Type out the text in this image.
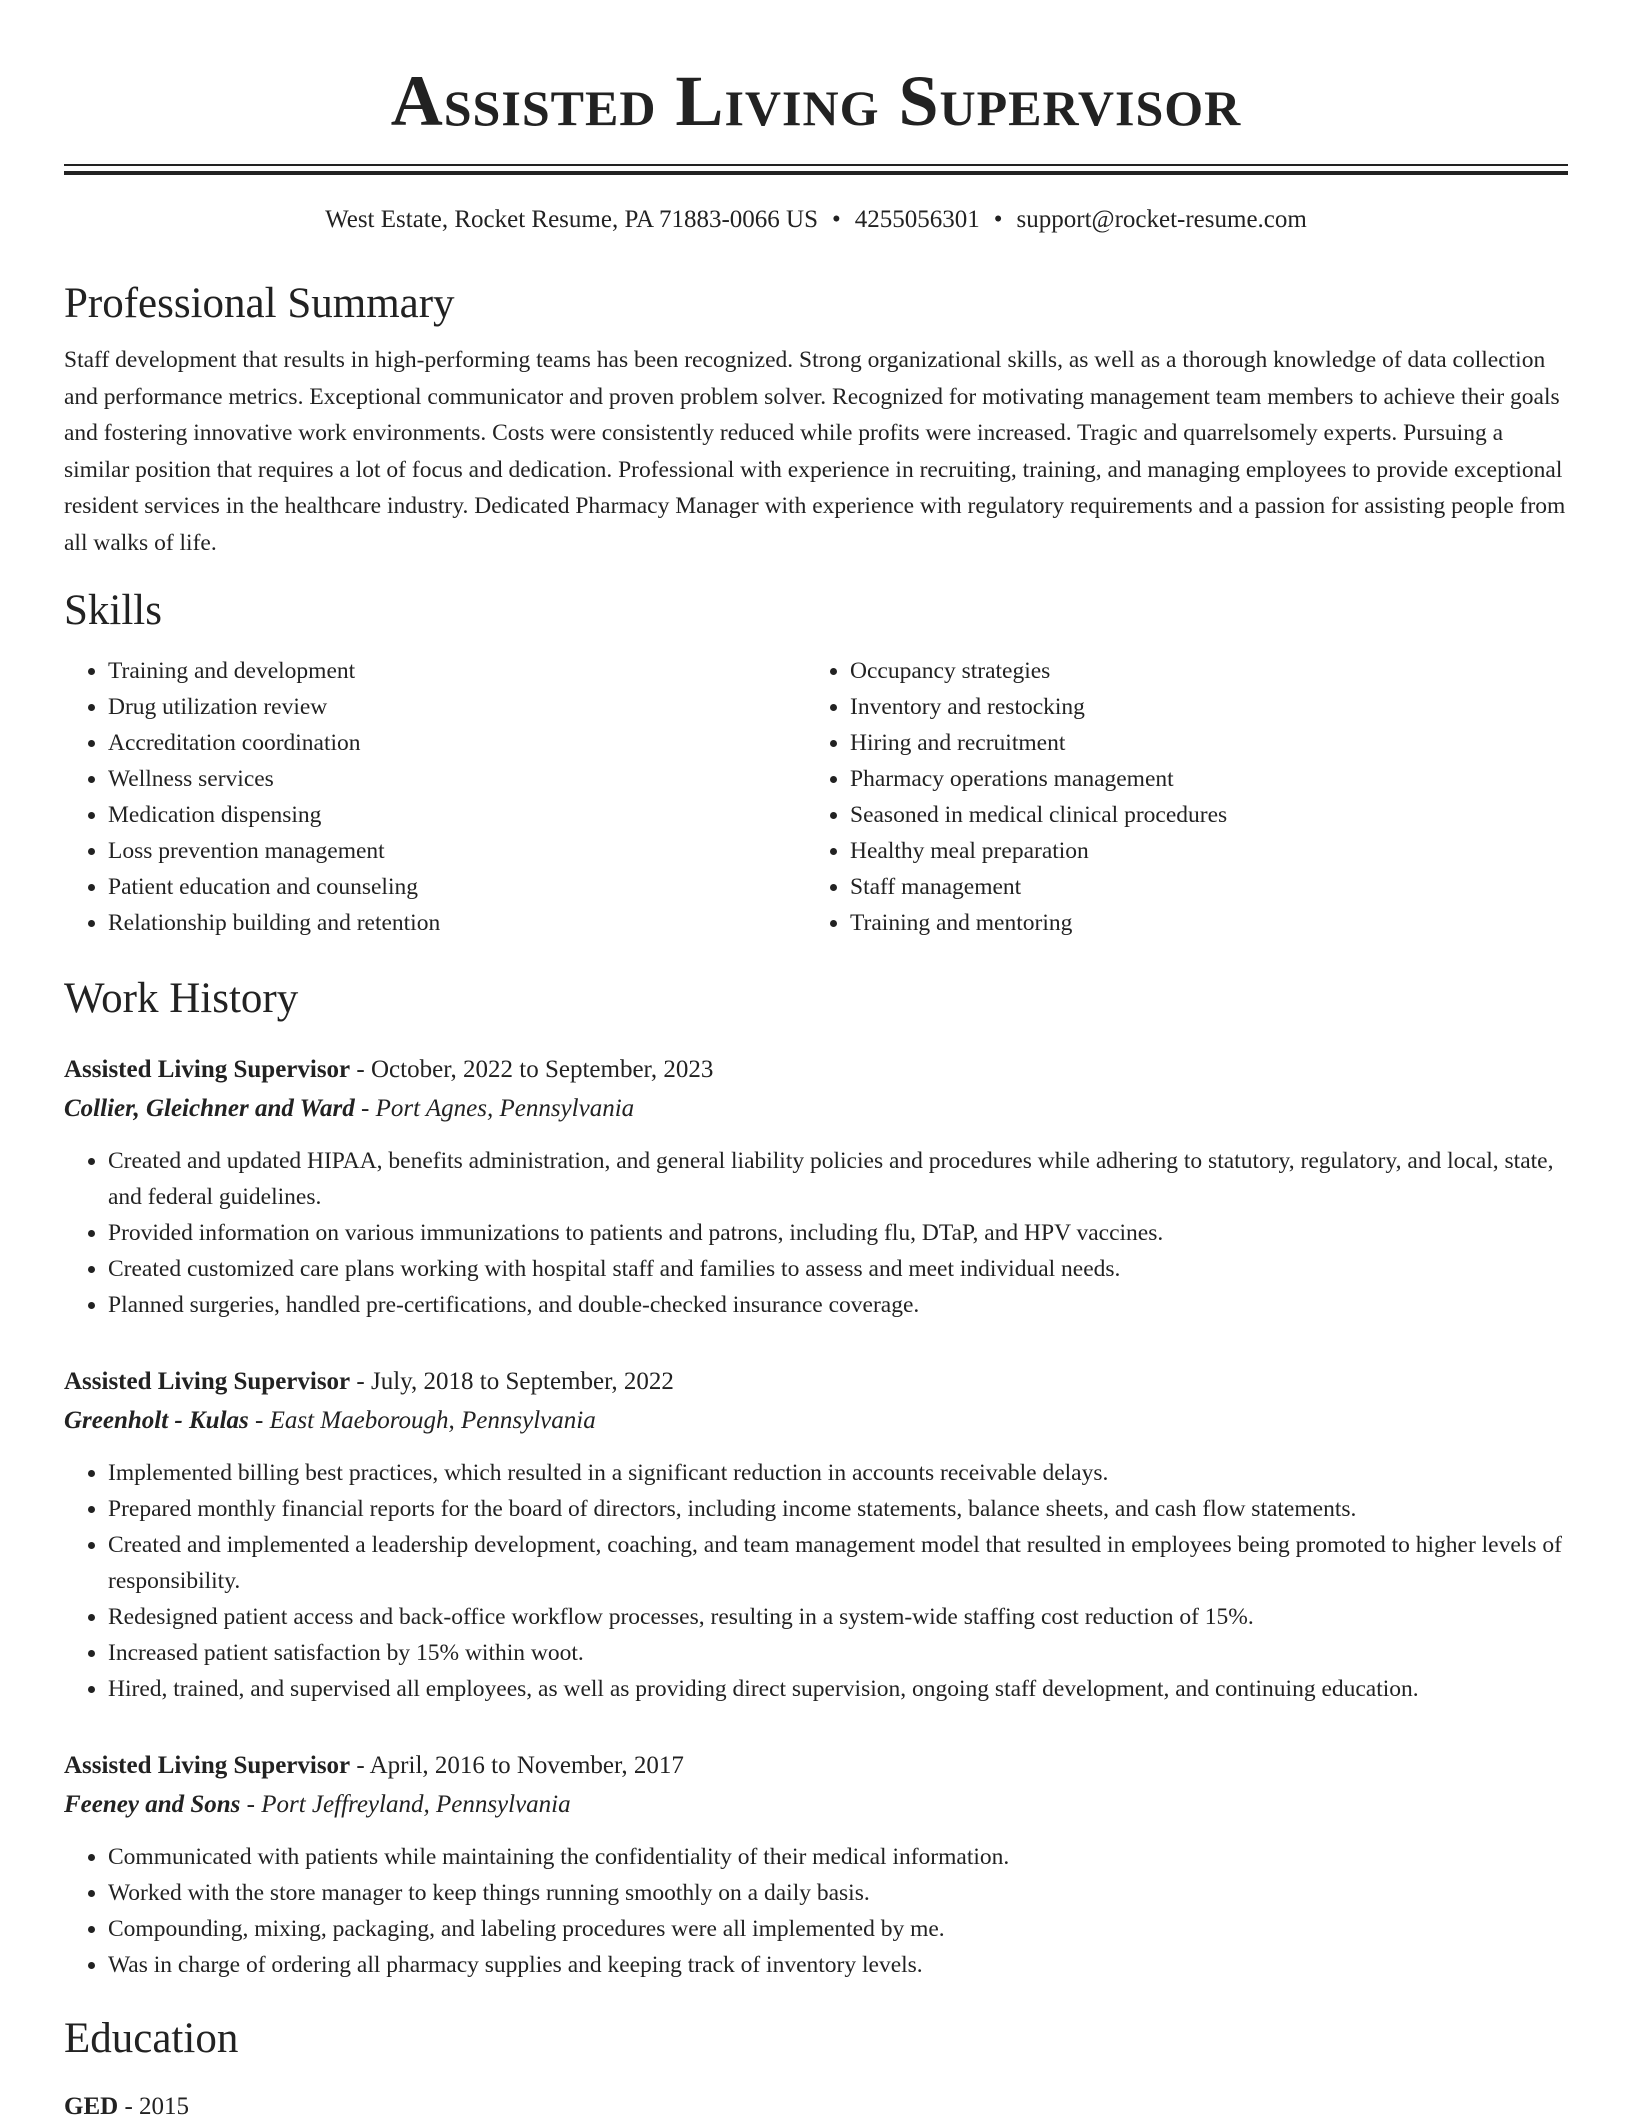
Assisted Living Supervisor
West Estate, Rocket Resume, PA 71883-0066 US • 4255056301 • support@rocket-resume.com
Professional Summary

Staff development that results in high-performing teams has been recognized. Strong organizational skills, as well as a thorough knowledge of data collection and performance metrics. Exceptional communicator and proven problem solver. Recognized for motivating management team members to achieve their goals and fostering innovative work environments. Costs were consistently reduced while profits were increased. Tragic and quarrelsomely experts. Pursuing a similar position that requires a lot of focus and dedication. Professional with experience in recruiting, training, and managing employees to provide exceptional resident services in the healthcare industry. Dedicated Pharmacy Manager with experience with regulatory requirements and a passion for assisting people from all walks of life.

Skills
• Training and development
• Drug utilization review
• Accreditation coordination
• Wellness services
• Medication dispensing
• Loss prevention management
• Patient education and counseling
• Relationship building and retention
• Occupancy strategies
• Inventory and restocking
• Hiring and recruitment
• Pharmacy operations management
• Seasoned in medical clinical procedures
• Healthy meal preparation
• Staff management
• Training and mentoring
Work History
Assisted Living Supervisor - October, 2022 to September, 2023
Collier, Gleichner and Ward - Port Agnes, Pennsylvania
• Created and updated HIPAA, benefits administration, and general liability policies and procedures while adhering to statutory, regulatory, and local, state, and federal guidelines.
• Provided information on various immunizations to patients and patrons, including flu, DTaP, and HPV vaccines.
• Created customized care plans working with hospital staff and families to assess and meet individual needs.
• Planned surgeries, handled pre-certifications, and double-checked insurance coverage.
Assisted Living Supervisor - July, 2018 to September, 2022
Greenholt - Kulas - East Maeborough, Pennsylvania
• Implemented billing best practices, which resulted in a significant reduction in accounts receivable delays.
• Prepared monthly financial reports for the board of directors, including income statements, balance sheets, and cash flow statements.
• Created and implemented a leadership development, coaching, and team management model that resulted in employees being promoted to higher levels of responsibility.
• Redesigned patient access and back-office workflow processes, resulting in a system-wide staffing cost reduction of 15%.
• Increased patient satisfaction by 15% within woot.
• Hired, trained, and supervised all employees, as well as providing direct supervision, ongoing staff development, and continuing education.
Assisted Living Supervisor - April, 2016 to November, 2017
Feeney and Sons - Port Jeffreyland, Pennsylvania
• Communicated with patients while maintaining the confidentiality of their medical information.
• Worked with the store manager to keep things running smoothly on a daily basis.
• Compounding, mixing, packaging, and labeling procedures were all implemented by me.
• Was in charge of ordering all pharmacy supplies and keeping track of inventory levels.
Education
GED - 2015
